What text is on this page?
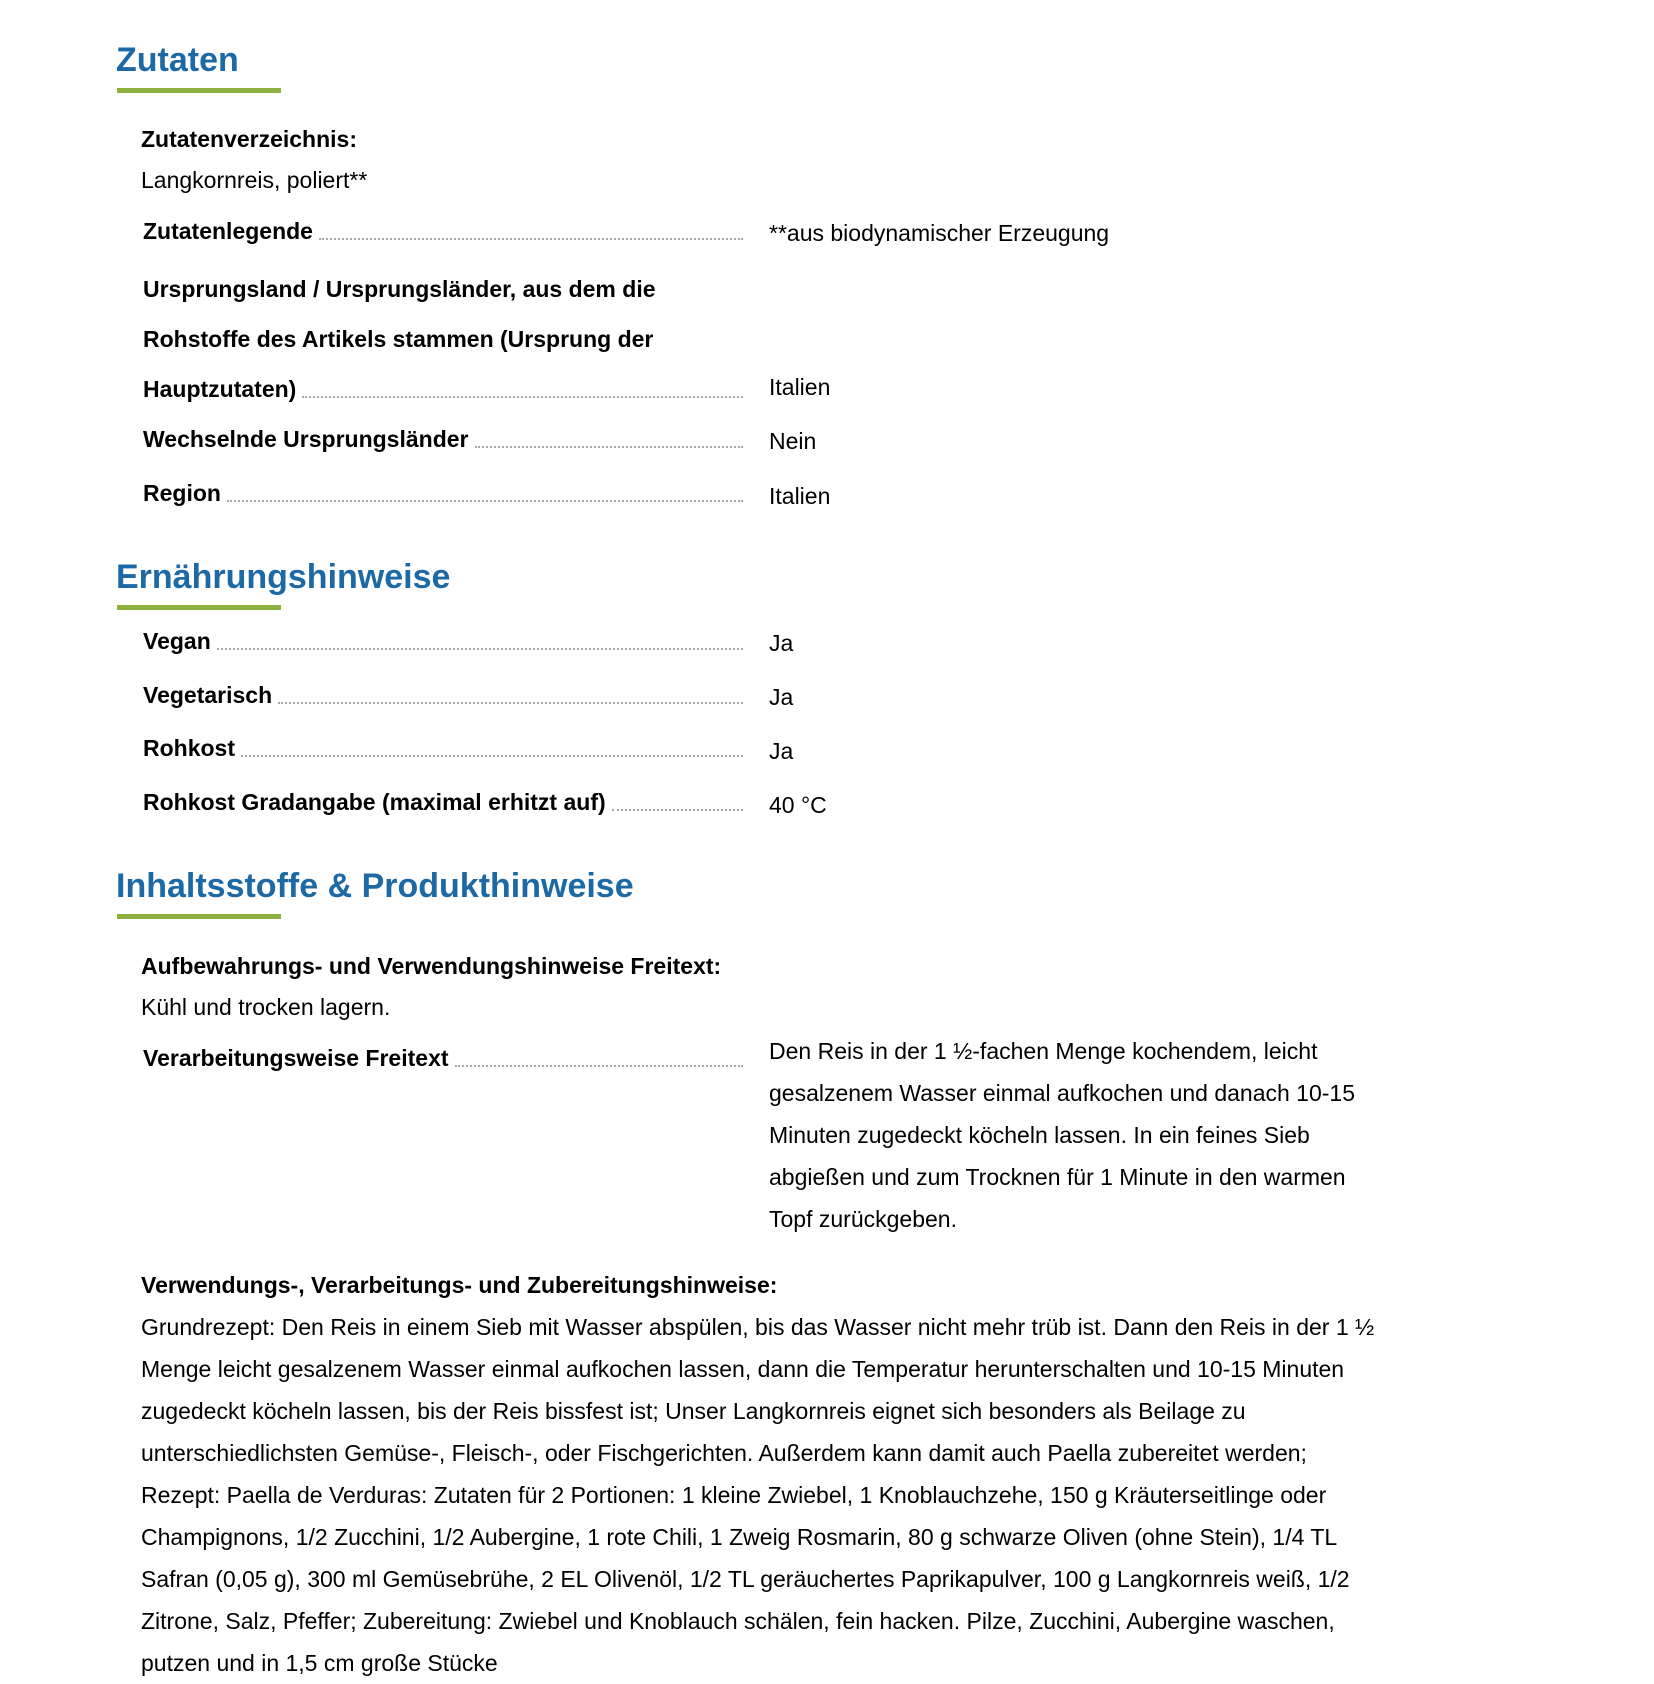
Zutaten
Zutatenverzeichnis:
Langkornreis, poliert**
Zutatenlegende	**aus biodynamischer Erzeugung
Ursprungsland / Ursprungsländer, aus dem die
Rohstoffe des Artikels stammen (Ursprung der
Hauptzutaten)	Italien
Wechselnde Ursprungsländer	Nein
Region	Italien
Ernährungshinweise
Vegan	Ja
Vegetarisch	Ja
Rohkost	Ja
Rohkost Gradangabe (maximal erhitzt auf)	40 °C
Inhaltsstoffe & Produkthinweise
Aufbewahrungs- und Verwendungshinweise Freitext:
Kühl und trocken lagern.
Verarbeitungsweise Freitext	Den Reis in der 1 ½-fachen Menge kochendem, leicht gesalzenem Wasser einmal aufkochen und danach 10-15 Minuten zugedeckt köcheln lassen. In ein feines Sieb abgießen und zum Trocknen für 1 Minute in den warmen Topf zurückgeben.
Verwendungs-, Verarbeitungs- und Zubereitungshinweise:
Grundrezept: Den Reis in einem Sieb mit Wasser abspülen, bis das Wasser nicht mehr trüb ist. Dann den Reis in der 1 ½ Menge leicht gesalzenem Wasser einmal aufkochen lassen, dann die Temperatur herunterschalten und 10-15 Minuten zugedeckt köcheln lassen, bis der Reis bissfest ist; Unser Langkornreis eignet sich besonders als Beilage zu unterschiedlichsten Gemüse-, Fleisch-, oder Fischgerichten. Außerdem kann damit auch Paella zubereitet werden; Rezept: Paella de Verduras: Zutaten für 2 Portionen: 1 kleine Zwiebel, 1 Knoblauchzehe, 150 g Kräuterseitlinge oder Champignons, 1/2 Zucchini, 1/2 Aubergine, 1 rote Chili, 1 Zweig Rosmarin, 80 g schwarze Oliven (ohne Stein), 1/4 TL Safran (0,05 g), 300 ml Gemüsebrühe, 2 EL Olivenöl, 1/2 TL geräuchertes Paprikapulver, 100 g Langkornreis weiß, 1/2 Zitrone, Salz, Pfeffer; Zubereitung: Zwiebel und Knoblauch schälen, fein hacken. Pilze, Zucchini, Aubergine waschen, putzen und in 1,5 cm große Stücke
